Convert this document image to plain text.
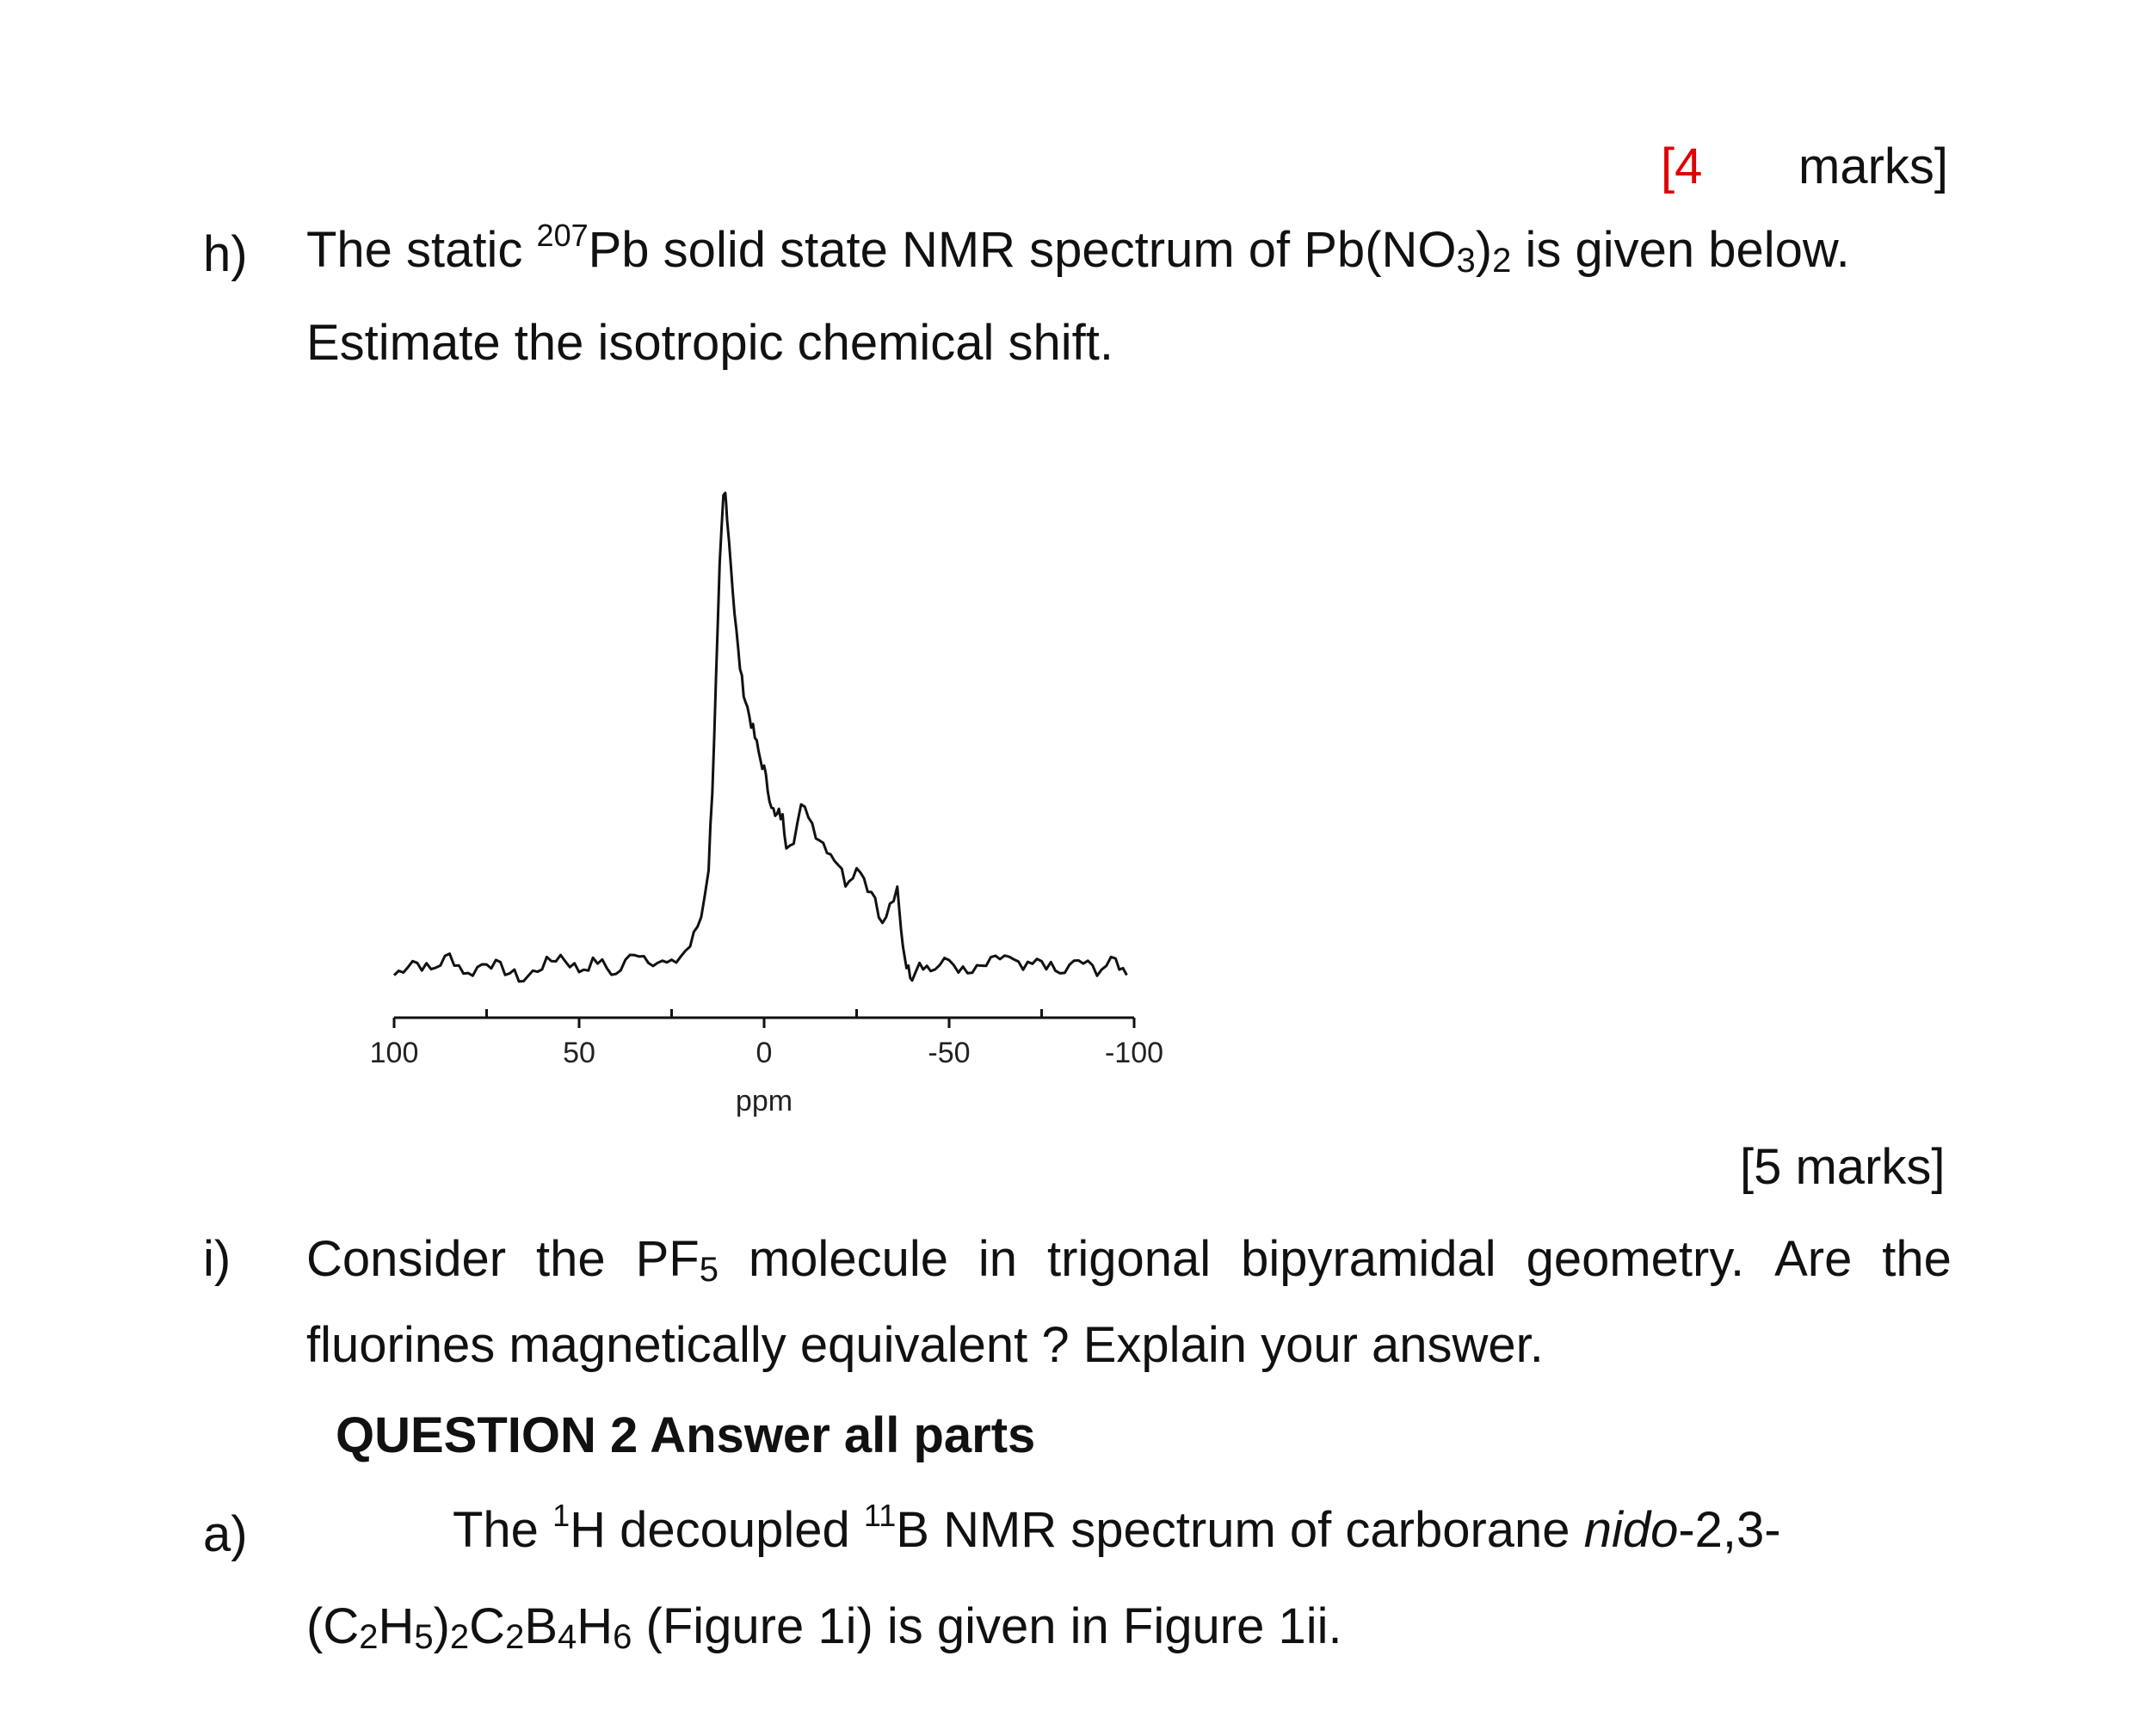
[4 marks]
h) The static $^{207}$Pb solid state NMR spectrum of $Pb(NO_3)_2$ is given below.
Estimate the isotropic chemical shift.
100	50	0	-50	-100
ppm
[5 marks]
i) Consider the $PF_5$ molecule in trigonal bipyramidal geometry. Are the
fluorines magnetically equivalent ? Explain your answer.
QUESTION 2 Answer all parts
a)	The $^1$H decoupled $^{11}$B NMR spectrum of carborane nido-2,3-
$(C_2H_5)_2C_2B_4H_6$ (Figure 1i) is given in Figure 1ii.
